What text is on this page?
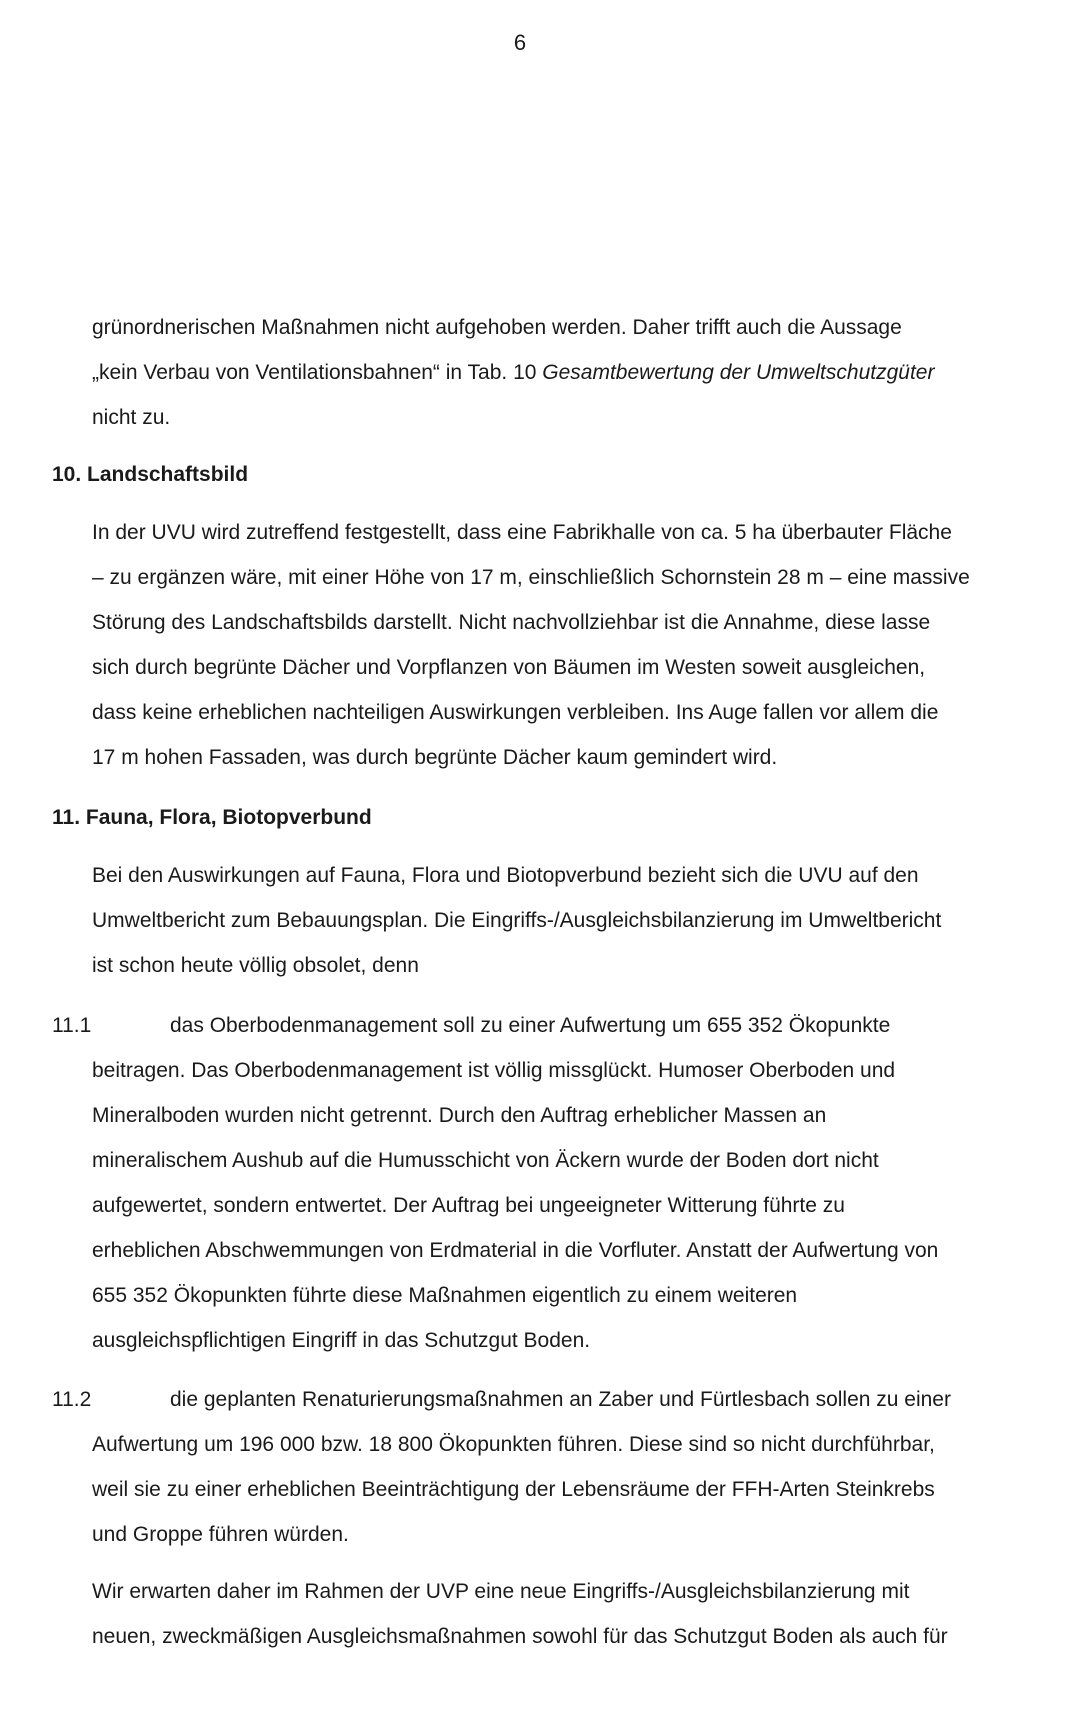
6
grünordnerischen Maßnahmen nicht aufgehoben werden. Daher trifft auch die Aussage
„kein Verbau von Ventilationsbahnen“ in Tab. 10 Gesamtbewertung der Umweltschutzgüter
nicht zu.
10. Landschaftsbild
In der UVU wird zutreffend festgestellt, dass eine Fabrikhalle von ca. 5 ha überbauter Fläche
– zu ergänzen wäre, mit einer Höhe von 17 m, einschließlich Schornstein 28 m – eine massive
Störung des Landschaftsbilds darstellt. Nicht nachvollziehbar ist die Annahme, diese lasse
sich durch begrünte Dächer und Vorpflanzen von Bäumen im Westen soweit ausgleichen,
dass keine erheblichen nachteiligen Auswirkungen verbleiben. Ins Auge fallen vor allem die
17 m hohen Fassaden, was durch begrünte Dächer kaum gemindert wird.
11. Fauna, Flora, Biotopverbund
Bei den Auswirkungen auf Fauna, Flora und Biotopverbund bezieht sich die UVU auf den
Umweltbericht zum Bebauungsplan. Die Eingriffs-/Ausgleichsbilanzierung im Umweltbericht
ist schon heute völlig obsolet, denn
11.1	das Oberbodenmanagement soll zu einer Aufwertung um 655 352 Ökopunkte
beitragen. Das Oberbodenmanagement ist völlig missglückt. Humoser Oberboden und
Mineralboden wurden nicht getrennt. Durch den Auftrag erheblicher Massen an
mineralischem Aushub auf die Humusschicht von Äckern wurde der Boden dort nicht
aufgewertet, sondern entwertet. Der Auftrag bei ungeeigneter Witterung führte zu
erheblichen Abschwemmungen von Erdmaterial in die Vorfluter. Anstatt der Aufwertung von
655 352 Ökopunkten führte diese Maßnahmen eigentlich zu einem weiteren
ausgleichspflichtigen Eingriff in das Schutzgut Boden.
11.2	die geplanten Renaturierungsmaßnahmen an Zaber und Fürtlesbach sollen zu einer
Aufwertung um 196 000 bzw. 18 800 Ökopunkten führen. Diese sind so nicht durchführbar,
weil sie zu einer erheblichen Beeinträchtigung der Lebensräume der FFH-Arten Steinkrebs
und Groppe führen würden.
Wir erwarten daher im Rahmen der UVP eine neue Eingriffs-/Ausgleichsbilanzierung mit
neuen, zweckmäßigen Ausgleichsmaßnahmen sowohl für das Schutzgut Boden als auch für
